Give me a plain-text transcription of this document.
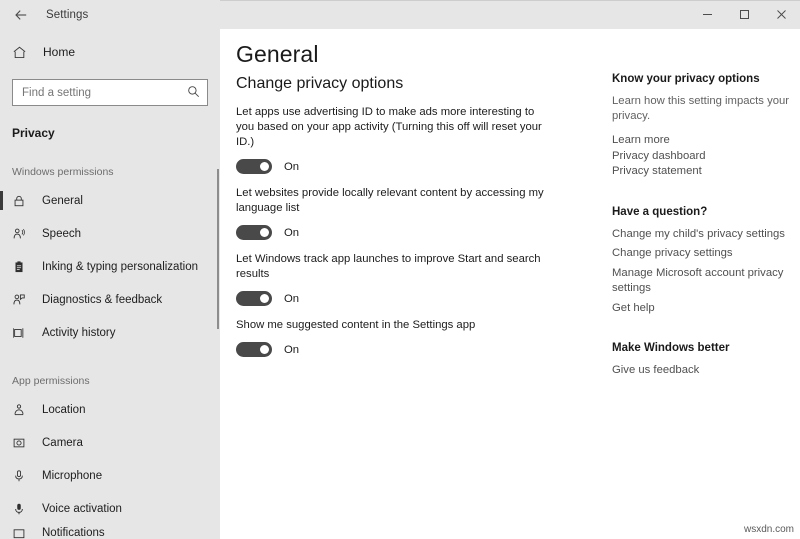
Settings
Home
Find a setting
Privacy
Windows permissions
General
Speech
Inking & typing personalization
Diagnostics & feedback
Activity history
App permissions
Location
Camera
Microphone
Voice activation
Notifications
General
Change privacy options
Let apps use advertising ID to make ads more interesting to you based on your app activity (Turning this off will reset your ID.)
On
Let websites provide locally relevant content by accessing my language list
On
Let Windows track app launches to improve Start and search results
On
Show me suggested content in the Settings app
On
Know your privacy options
Learn how this setting impacts your privacy.
Learn more
Privacy dashboard
Privacy statement
Have a question?
Change my child's privacy settings
Change privacy settings
Manage Microsoft account privacy settings
Get help
Make Windows better
Give us feedback
wsxdn.com
